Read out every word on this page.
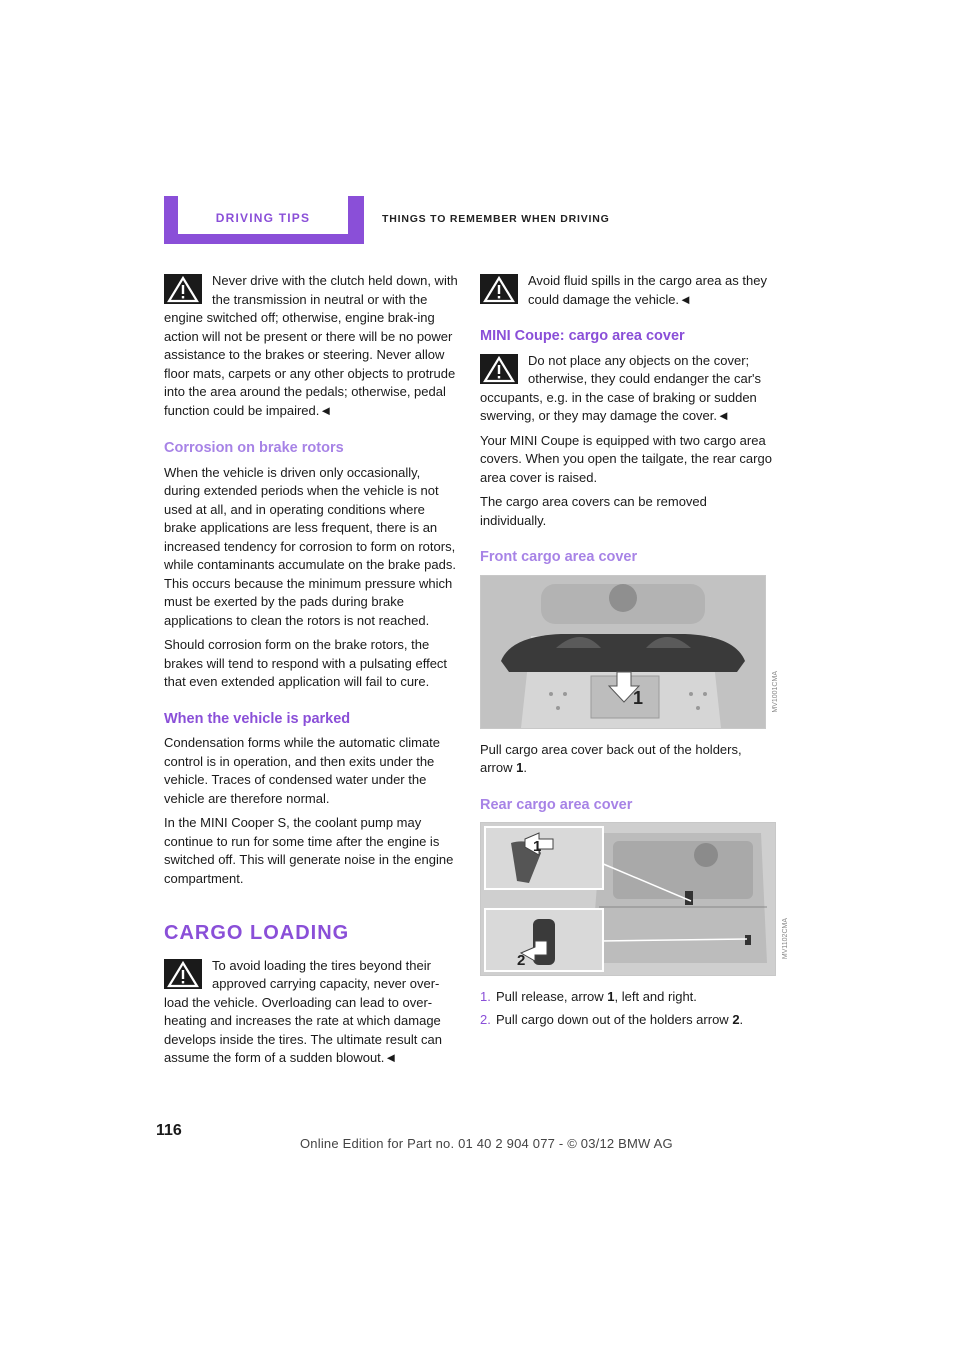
DRIVING TIPS	THINGS TO REMEMBER WHEN DRIVING

Never drive with the clutch held down, with the transmission in neutral or with the engine switched off; otherwise, engine brak-ing action will not be present or there will be no power assistance to the brakes or steering. Never allow floor mats, carpets or any other objects to protrude into the area around the pedals; otherwise, pedal function could be impaired.◄

Corrosion on brake rotors

When the vehicle is driven only occasionally, during extended periods when the vehicle is not used at all, and in operating conditions where brake applications are less frequent, there is an increased tendency for corrosion to form on rotors, while contaminants accumulate on the brake pads. This occurs because the minimum pressure which must be exerted by the pads during brake applications to clean the rotors is not reached.

Should corrosion form on the brake rotors, the brakes will tend to respond with a pulsating effect that even extended application will fail to cure.

When the vehicle is parked

Condensation forms while the automatic climate control is in operation, and then exits under the vehicle. Traces of condensed water under the vehicle are therefore normal.

In the MINI Cooper S, the coolant pump may continue to run for some time after the engine is switched off. This will generate noise in the engine compartment.

CARGO LOADING

To avoid loading the tires beyond their approved carrying capacity, never over-load the vehicle. Overloading can lead to over-heating and increases the rate at which damage develops inside the tires. The ultimate result can assume the form of a sudden blowout.◄

Avoid fluid spills in the cargo area as they could damage the vehicle.◄

MINI Coupe: cargo area cover

Do not place any objects on the cover; otherwise, they could endanger the car's occupants, e.g. in the case of braking or sudden swerving, or they may damage the cover.◄

Your MINI Coupe is equipped with two cargo area covers. When you open the tailgate, the rear cargo area cover is raised.

The cargo area covers can be removed individually.

Front cargo area cover
1	MV1001CMA

Pull cargo area cover back out of the holders, arrow 1.

Rear cargo area cover
1
2
MV1102CMA

1. Pull release, arrow 1, left and right.

2. Pull cargo down out of the holders arrow 2.

116
Online Edition for Part no. 01 40 2 904 077 - © 03/12 BMW AG
